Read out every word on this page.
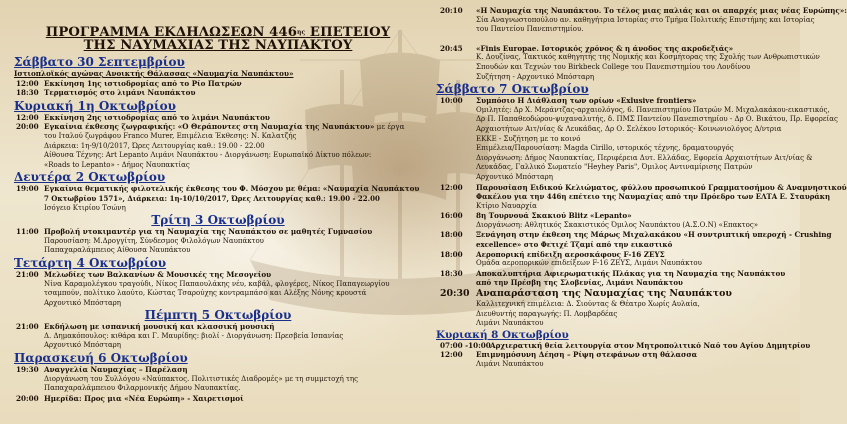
ΠΡΟΓΡΑΜΜΑ ΕΚΔΗΛΩΣΕΩΝ $446^{\eta\varsigma}$ ΕΠΕΤΕΙΟΥ
ΤΗΣ ΝΑΥΜΑΧΙΑΣ ΤΗΣ ΝΑΥΠΑΚΤΟΥ
Σάββατο 30 Σεπτεμβρίου
Ιστιοπλοϊκός αγώνας Ανοικτής Θάλασσας «Ναυμαχία Ναυπάκτου»
12:00 Εκκίνηση 1ης ιστιοδρομίας από το Ρίο Πατρών
18:30 Τερματισμός στο λιμάνι Ναυπάκτου
Κυριακή 1η Οκτωβρίου
12:00 Εκκίνηση 2ης ιστιοδρομίας από το λιμάνι Ναυπάκτου
20:00 Εγκαίνια έκθεσης ζωγραφικής: «Ο Θεράποντες στη Ναυμαχία της Ναυπάκτου» με έργα
του Ιταλού ζωγράφου Franco Murer, Επιμέλεια Έκθεσης: Ν. Καλατζής
Διάρκεια: 1η-9/10/2017, Ώρες Λειτουργίας καθ.: 19.00 - 22.00
Αίθουσα Τέχνης: Art Lepanto Λιμάνι Ναυπάκτου - Διοργάνωση: Ευρωπαϊκό Δίκτυο πόλεων:
«Roads to Lepanto» - Δήμος Ναυπακτίας
Δευτέρα 2 Οκτωβρίου
19:00 Εγκαίνια θεματικής φιλοτελικής έκθεσης του Φ. Μόσχου με θέμα: «Ναυμαχία Ναυπάκτου
7 Οκτωβρίου 1571», Διάρκεια: 1η-10/10/2017, Ώρες Λειτουργίας καθ.: 19.00 - 22.00
Ισόγειο Κτιρίου Τσώνη
Τρίτη 3 Οκτωβρίου
11:00 Προβολή ντοκιμαντέρ για τη Ναυμαχία της Ναυπάκτου σε μαθητές Γυμνασίου
Παρουσίαση: Μ.Δρογγίτη, Σύνδεσμος Φιλολόγων Ναυπάκτου
Παπαχαραλάμπειος Αίθουσα Ναυπάκτου
Τετάρτη 4 Οκτωβρίου
21:00 Μελωδίες των Βαλκανίων & Μουσικές της Μεσογείου
Νίνα Καραμολέγκου τραγούδι, Νίκος Παπαουλάκης νέυ, καβάλ, φλογέρες, Νίκος Παπαγεωργίου
τσαμπούν, πολίτικο λαούτο, Κώστας Τσαρούχης κοντραμπάσο και Αλέξης Νόνης κρουστά
Αρχοντικό Μπόσταρη
Πέμπτη 5 Οκτωβρίου
21:00 Εκδήλωση με ισπανική μουσική και κλασσική μουσική
Δ. Δημακόπουλος: κιθάρα και Γ. Μαυρίδης: βιολί - Διοργάνωση: Πρεσβεία Ισπανίας
Αρχοντικό Μπόσταρη
Παρασκευή 6 Οκτωβρίου
19:30 Αναγγελία Ναυμαχίας – Παρέλαση
Διοργάνωση του Συλλόγου «Ναύπακτος. Πολιτιστικές Διαδρομές» με τη συμμετοχή της
Παπαχαραλάμπειου Φιλαρμονικής Δήμου Ναυπακτίας.
20:00 Ημερίδα: Προς μια «Νέα Ευρώπη» - Χαιρετισμοί
20:10	«Η Ναυμαχία της Ναυπάκτου. Το τέλος μιας παλιάς και οι απαρχές μιας νέας Ευρώπης»:
Σία Αναγνωστοπούλου αν. καθηγήτρια Ιστορίας στο Τμήμα Πολιτικής Επιστήμης και Ιστορίας
του Παντείου Πανεπιστημίου.
20:45	«Finis Europae. Ιστορικός χρόνος & η άνοδος της ακροδεξιάς»
Κ. Δουζίνας, Τακτικός καθηγητής της Νομικής και Κοσμήτορας της Σχολής των Ανθρωπιστικών
Σπουδών και Τεχνών του Birkbeck College του Πανεπιστημίου του Λονδίνου
Συζήτηση - Αρχοντικό Μπόσταρη
Σάββατο 7 Οκτωβρίου
10:00	Συμπόσιο Η Διάθλαση των ορίων «Exlusive frontiers»
Ομιλητές: Δρ Χ. Μεράντζας-αρχαιολόγος, 6. Πανεπιστημίου Πατρών Μ. Μιχαλακάκου-εικαστικός,
Δρ Π. Παπαθεοδώρου-ψυχαναλυτής, δ. ΠΜΣ Παντείου Πανεπιστημίου - Δρ Ο. Βικάτου, Πρ. Εφορείας
Αρχαιοτήτων Αιτ/νίας & Λευκάδας, Δρ Ο. Σελέκου Ιστορικός- Κοινωνιολόγος Δ/ντρια
ΕΚΚΕ - Συζήτηση με το κοινό
Επιμέλεια/Παρουσίαση: Magda Cirillo, ιστορικός τέχνης, δραματουργός
Διοργάνωση: Δήμος Ναυπακτίας, Περιφέρεια Δυτ. Ελλάδας, Εφορεία Αρχαιοτήτων Αιτ/νίας &
Λευκάδας, Γαλλικό Σωματείο "Heyhey Paris", Όμιλος Αντιναμίρισης Πατρών
Αρχοντικό Μπόσταρη
12:00	Παρουσίαση Ειδικού Κελιώματος, φύλλου προσωπικού Γραμματοσήμου & Αναμνηστικού
Φακέλου για την 446η επέτειο της Ναυμαχίας από την Πρόεδρο των ΕΛΤΑ Ε. Σταυράκη
Κτίριο Ναυαρχία
16:00	8η Τουρνουά Σκακιού Blitz «Lepanto»
Διοργάνωση: Αθλητικός Σκακιστικός Όμιλος Ναυπάκτου (Α.Σ.Ο.Ν) «Επακτος»
18:00	Ξενάγηση στην έκθεση της Μάρως Μιχαλακάκου «Η συντριπτική υπεροχή - Crushing
excellence» στο Φετιχέ Τζαμί από την εικαστικό
18:00	Αεροπορική επίδειξη αεροσκάφους F-16 ΖΕΥΣ
Ομάδα αεροπορικών επιδείξεων F-16 ΖΕΥΣ, Λιμάνι Ναυπάκτου
18:30	Αποκαλυπτήρια Αφιερωματικής Πλάκας για τη Ναυμαχία της Ναυπάκτου
από την Πρέσβη της Σλοβενίας, Λιμάνι Ναυπάκτου
20:30 Αναπαράσταση της Ναυμαχίας της Ναυπάκτου
Καλλιτεχνική επιμέλεια: Δ. Σιούντας & Θέατρο Χωρίς Αυλαία,
Διευθυντής παραγωγής: Π. Λομβαρδέας
Λιμάνι Ναυπάκτου
Κυριακή 8 Οκτωβρίου
07:00 -10:00 Αρχιερατική θεία λειτουργία στον Μητροπολιτικό Ναό του Αγίου Δημητρίου
12:00	Επιμνημόσυνη Δέηση – Ρίψη στεφάνων στη θάλασσα
Λιμάνι Ναυπάκτου
